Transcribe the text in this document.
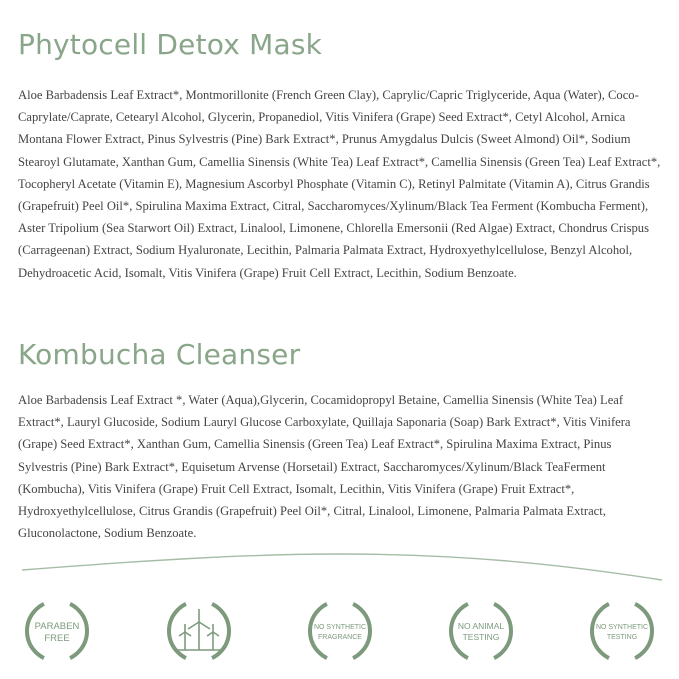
Phytocell Detox Mask

Aloe Barbadensis Leaf Extract*, Montmorillonite (French Green Clay), Caprylic/Capric Triglyceride, Aqua (Water), Coco-Caprylate/Caprate, Cetearyl Alcohol, Glycerin, Propanediol, Vitis Vinifera (Grape) Seed Extract*, Cetyl Alcohol, Arnica Montana Flower Extract, Pinus Sylvestris (Pine) Bark Extract*, Prunus Amygdalus Dulcis (Sweet Almond) Oil*, Sodium Stearoyl Glutamate, Xanthan Gum, Camellia Sinensis (White Tea) Leaf Extract*, Camellia Sinensis (Green Tea) Leaf Extract*, Tocopheryl Acetate (Vitamin E), Magnesium Ascorbyl Phosphate (Vitamin C), Retinyl Palmitate (Vitamin A), Citrus Grandis (Grapefruit) Peel Oil*, Spirulina Maxima Extract, Citral, Saccharomyces/Xylinum/Black Tea Ferment (Kombucha Ferment), Aster Tripolium (Sea Starwort Oil) Extract, Linalool, Limonene, Chlorella Emersonii (Red Algae) Extract, Chondrus Crispus (Carrageenan) Extract, Sodium Hyaluronate, Lecithin, Palmaria Palmata Extract, Hydroxyethylcellulose, Benzyl Alcohol, Dehydroacetic Acid, Isomalt, Vitis Vinifera (Grape) Fruit Cell Extract, Lecithin, Sodium Benzoate.

Kombucha Cleanser

Aloe Barbadensis Leaf Extract *, Water (Aqua),Glycerin, Cocamidopropyl Betaine, Camellia Sinensis (White Tea) Leaf Extract*, Lauryl Glucoside, Sodium Lauryl Glucose Carboxylate, Quillaja Saponaria (Soap) Bark Extract*, Vitis Vinifera (Grape) Seed Extract*, Xanthan Gum, Camellia Sinensis (Green Tea) Leaf Extract*, Spirulina Maxima Extract, Pinus Sylvestris (Pine) Bark Extract*, Equisetum Arvense (Horsetail) Extract, Saccharomyces/Xylinum/Black TeaFerment (Kombucha), Vitis Vinifera (Grape) Fruit Cell Extract, Isomalt, Lecithin, Vitis Vinifera (Grape) Fruit Extract*, Hydroxyethylcellulose, Citrus Grandis (Grapefruit) Peel Oil*, Citral, Linalool, Limonene, Palmaria Palmata Extract, Gluconolactone, Sodium Benzoate.

PARABEN
FREE
NO SYNTHETIC
FRAGRANCE
NO ANIMAL
TESTING
NO SYNTHETIC
TESTING
